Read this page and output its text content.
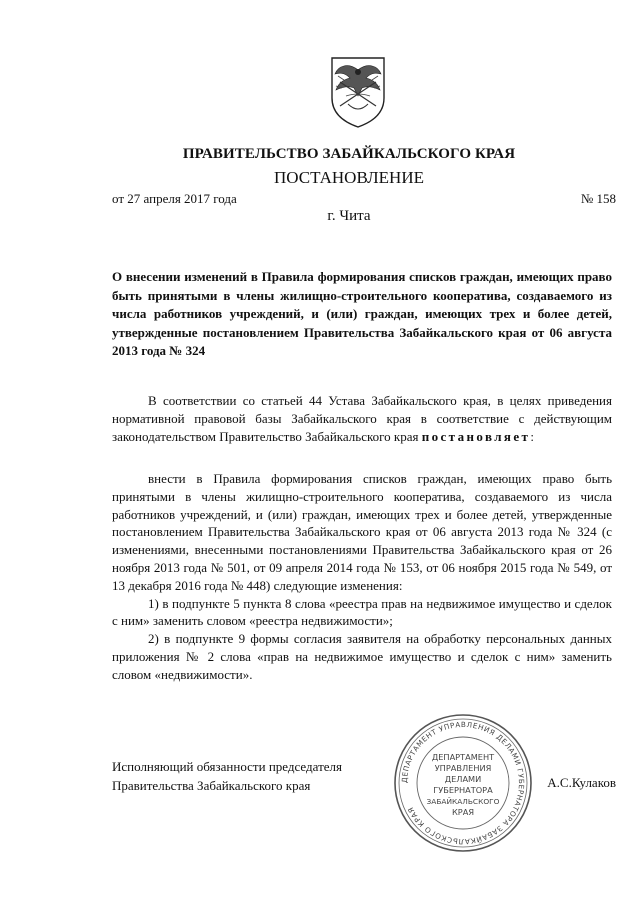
ПРАВИТЕЛЬСТВО ЗАБАЙКАЛЬСКОГО КРАЯ
ПОСТАНОВЛЕНИЕ
от 27 апреля 2017 года	№ 158
г. Чита
О внесении изменений в Правила формирования списков граждан, имеющих право быть принятыми в члены жилищно-строительного кооператива, создаваемого из числа работников учреждений, и (или) граждан, имеющих трех и более детей, утвержденные постановлением Правительства Забайкальского края от 06 августа 2013 года № 324
В соответствии со статьей 44 Устава Забайкальского края, в целях приведения нормативной правовой базы Забайкальского края в соответствие с действующим законодательством Правительство Забайкальского края постановляет:

внести в Правила формирования списков граждан, имеющих право быть принятыми в члены жилищно-строительного кооператива, создаваемого из числа работников учреждений, и (или) граждан, имеющих трех и более детей, утвержденные постановлением Правительства Забайкальского края от 06 августа 2013 года № 324 (с изменениями, внесенными постановлениями Правительства Забайкальского края от 26 ноября 2013 года № 501, от 09 апреля 2014 года № 153, от 06 ноября 2015 года № 549, от 13 декабря 2016 года № 448) следующие изменения:

1) в подпункте 5 пункта 8 слова «реестра прав на недвижимое имущество и сделок с ним» заменить словом «реестра недвижимости»;

2) в подпункте 9 формы согласия заявителя на обработку персональных данных приложения № 2 слова «прав на недвижимое имущество и сделок с ним» заменить словом «недвижимости».

Исполняющий обязанности председателя
Правительства Забайкальского края	ДЕПАРТАМЕНТ УПРАВЛЕНИЯ ДЕЛАМИ ГУБЕРНАТОРА ЗАБАЙКАЛЬСКОГО КРАЯ
ДЕПАРТАМЕНТ
УПРАВЛЕНИЯ
ДЕЛАМИ
ГУБЕРНАТОРА
ЗАБАЙКАЛЬСКОГО
КРАЯ
А.С.Кулаков
